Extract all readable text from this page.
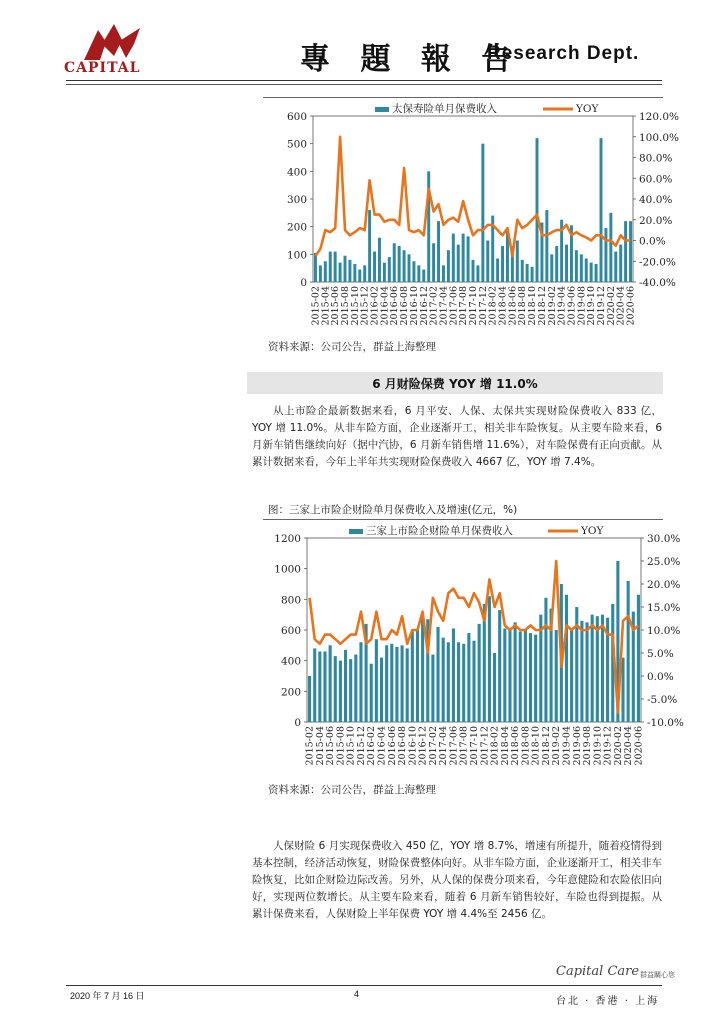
CAPITAL	專 題 報 告
Research Dept.
0
100
200
300
400
500
600
-40.0%
-20.0%
0.0%
20.0%
40.0%
60.0%
80.0%
100.0%
120.0%
2015-02
2015-04
2015-06
2015-08
2015-10
2015-12
2016-02
2016-04
2016-06
2016-08
2016-10
2016-12
2017-02
2017-04
2017-06
2017-08
2017-10
2017-12
2018-02
2018-04
2018-06
2018-08
2018-10
2018-12
2019-02
2019-04
2019-06
2019-08
2019-10
2019-12
2020-02
2020-04
2020-06
太保寿险单月保费收入	YOY
资料来源：公司公告，群益上海整理
6 月财险保费 YOY 增 11.0%
从上市险企最新数据来看，6 月平安、人保、太保共实现财险保费收入 833 亿，YOY 增 11.0%。从非车险方面，企业逐渐开工，相关非车险恢复。从主要车险来看，6 月新车销售继续向好（据中汽协，6 月新车销售增 11.6%），对车险保费有正向贡献。从累计数据来看，今年上半年共实现财险保费收入 4667 亿，YOY 增 7.4%。
图：三家上市险企财险单月保费收入及增速(亿元，%)
0
200
400
600
800
1000
1200
-10.0%
-5.0%
0.0%
5.0%
10.0%
15.0%
20.0%
25.0%
30.0%
2015-02 2015-04 2015-06 2015-08 2015-10 2015-12 2016-02 2016-04 2016-06 2016-08 2016-10 2016-12 2017-02 2017-04 2017-06 2017-08 2017-10 2017-12 2018-02 2018-04 2018-06 2018-08 2018-10 2018-12 2019-02 2019-04 2019-06 2019-08 2019-10 2019-12 2020-02 2020-04 2020-06
三家上市险企财险单月保费收入	YOY
资料来源：公司公告，群益上海整理
人保财险 6 月实现保费收入 450 亿，YOY 增 8.7%，增速有所提升，随着疫情得到基本控制，经济活动恢复，财险保费整体向好。从非车险方面，企业逐渐开工，相关非车险恢复，比如企财险边际改善。另外，从人保的保费分项来看，今年意健险和农险依旧向好，实现两位数增长。从主要车险来看，随着 6 月新车销售较好，车险也得到提振。从累计保费来看，人保财险上半年保费 YOY 增 4.4%至 2456 亿。
Capital Care 群益關心您
2020 年 7 月 16 日	4
台北 · 香港 · 上海
